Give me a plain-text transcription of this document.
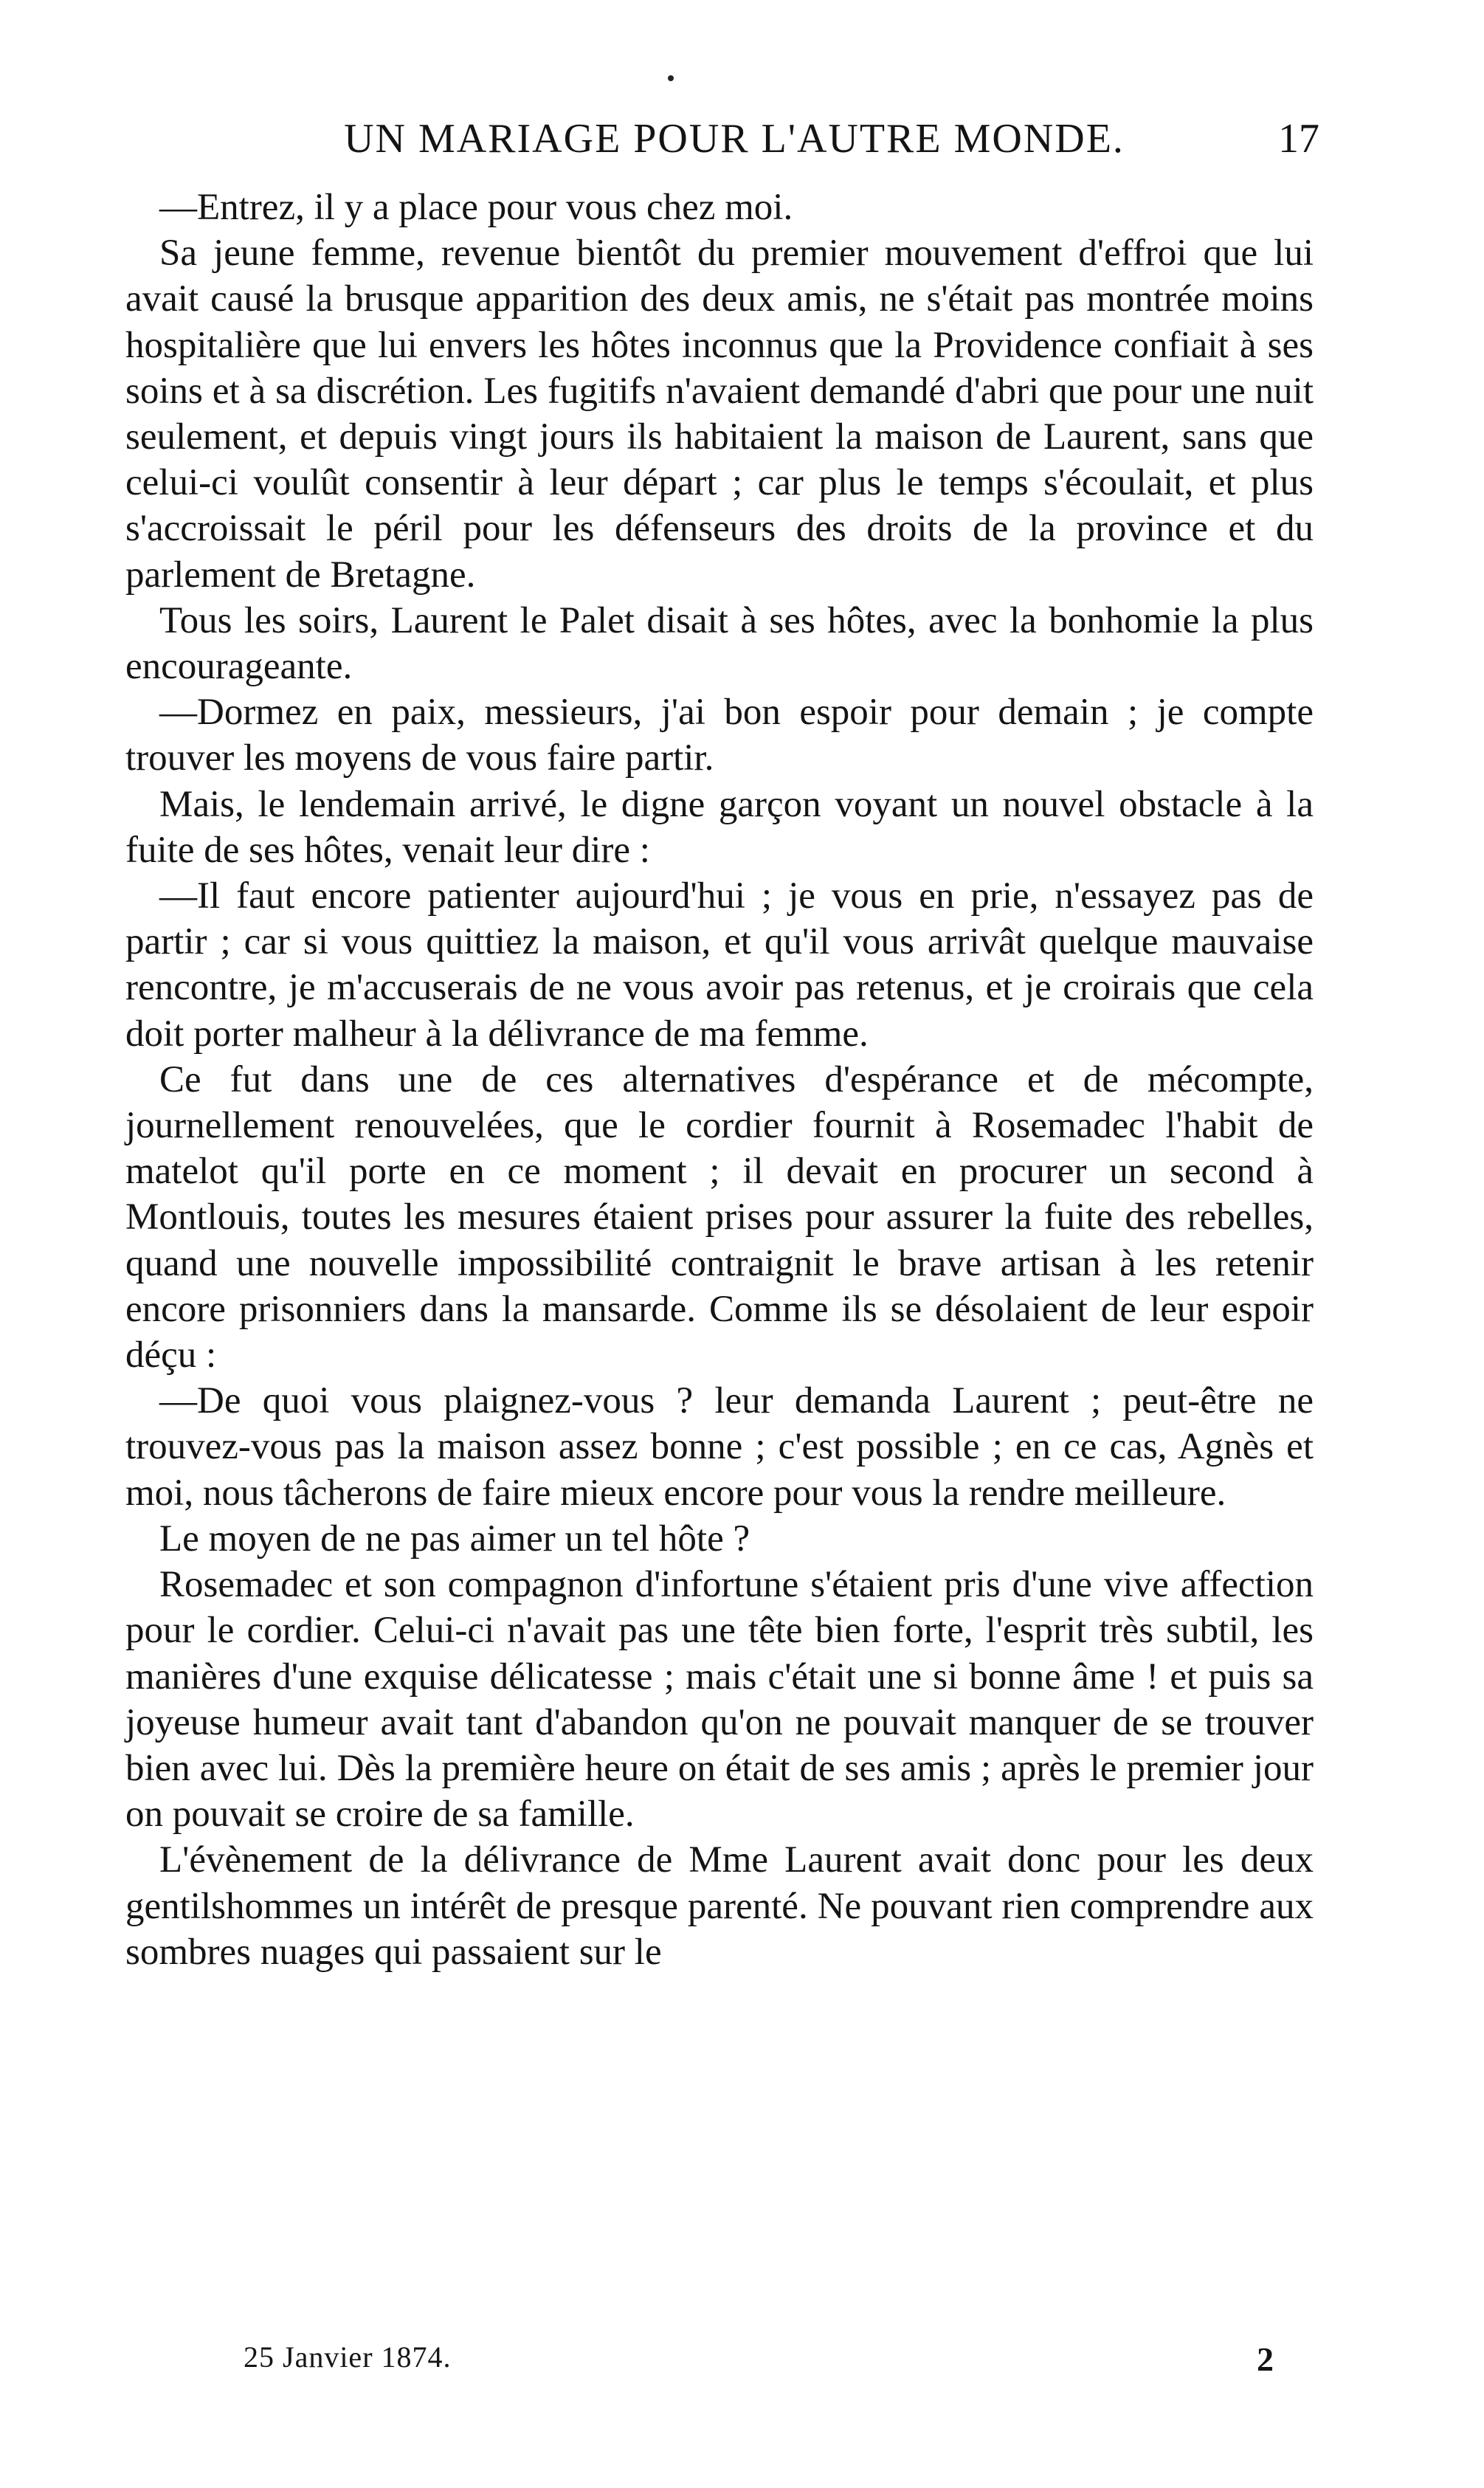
UN MARIAGE POUR L'AUTRE MONDE.	17

—Entrez, il y a place pour vous chez moi.

Sa jeune femme, revenue bientôt du premier mouvement d'effroi que lui avait causé la brusque apparition des deux amis, ne s'était pas montrée moins hospitalière que lui envers les hôtes inconnus que la Providence confiait à ses soins et à sa discrétion. Les fugitifs n'avaient demandé d'abri que pour une nuit seulement, et depuis vingt jours ils habitaient la maison de Laurent, sans que celui-ci voulût consentir à leur départ ; car plus le temps s'écoulait, et plus s'accroissait le péril pour les défenseurs des droits de la province et du parlement de Bretagne.

Tous les soirs, Laurent le Palet disait à ses hôtes, avec la bonhomie la plus encourageante.

—Dormez en paix, messieurs, j'ai bon espoir pour demain ; je compte trouver les moyens de vous faire partir.

Mais, le lendemain arrivé, le digne garçon voyant un nouvel obstacle à la fuite de ses hôtes, venait leur dire :

—Il faut encore patienter aujourd'hui ; je vous en prie, n'essayez pas de partir ; car si vous quittiez la maison, et qu'il vous arrivât quelque mauvaise rencontre, je m'accuserais de ne vous avoir pas retenus, et je croirais que cela doit porter malheur à la délivrance de ma femme.

Ce fut dans une de ces alternatives d'espérance et de mécompte, journellement renouvelées, que le cordier fournit à Rosemadec l'habit de matelot qu'il porte en ce moment ; il devait en procurer un second à Montlouis, toutes les mesures étaient prises pour assurer la fuite des rebelles, quand une nouvelle impossibilité contraignit le brave artisan à les retenir encore prisonniers dans la mansarde. Comme ils se désolaient de leur espoir déçu :

—De quoi vous plaignez-vous ? leur demanda Laurent ; peut-être ne trouvez-vous pas la maison assez bonne ; c'est possible ; en ce cas, Agnès et moi, nous tâcherons de faire mieux encore pour vous la rendre meilleure.

Le moyen de ne pas aimer un tel hôte ?

Rosemadec et son compagnon d'infortune s'étaient pris d'une vive affection pour le cordier. Celui-ci n'avait pas une tête bien forte, l'esprit très subtil, les manières d'une exquise délicatesse ; mais c'était une si bonne âme ! et puis sa joyeuse humeur avait tant d'abandon qu'on ne pouvait manquer de se trouver bien avec lui. Dès la première heure on était de ses amis ; après le premier jour on pouvait se croire de sa famille.

L'évènement de la délivrance de Mme Laurent avait donc pour les deux gentilshommes un intérêt de presque parenté. Ne pouvant rien comprendre aux sombres nuages qui passaient sur le

25 Janvier 1874.	2
